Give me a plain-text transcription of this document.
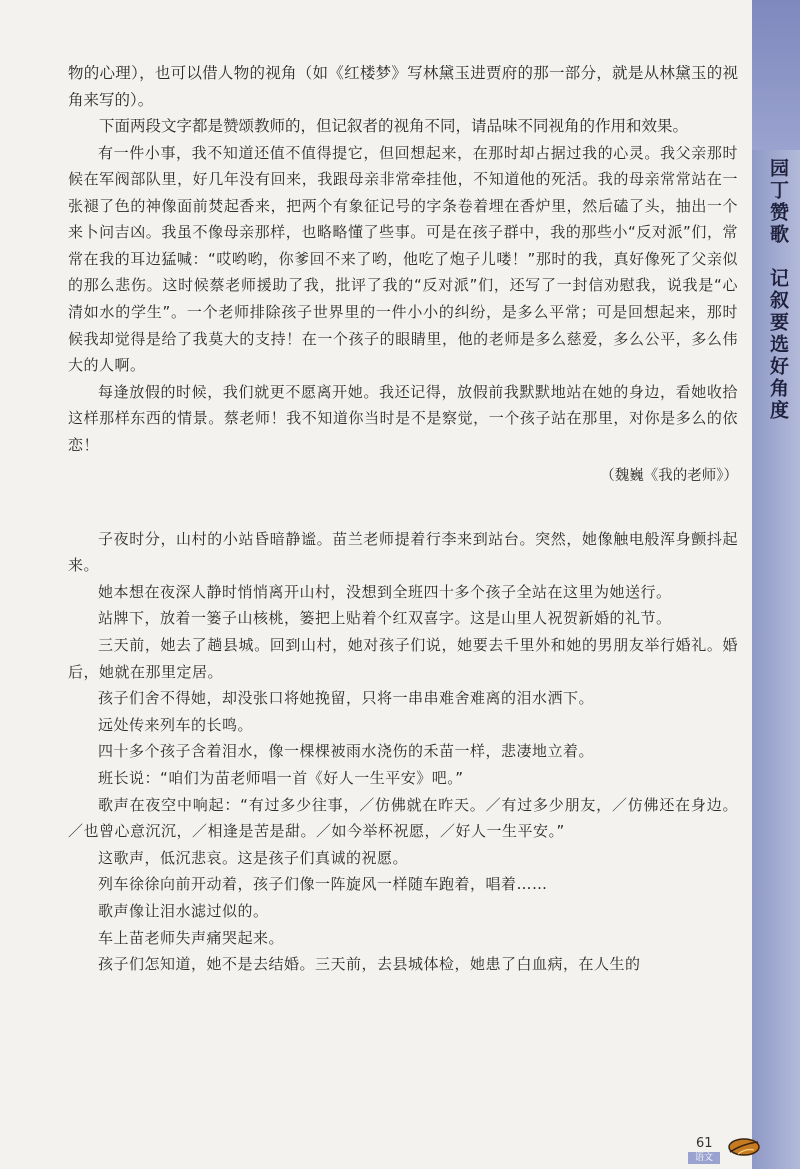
园丁赞歌
记叙要选好角度

物的心理），也可以借人物的视角（如《红楼梦》写林黛玉进贾府的那一部分，就是从林黛玉的视角来写的）。

下面两段文字都是赞颂教师的，但记叙者的视角不同，请品味不同视角的作用和效果。

有一件小事，我不知道还值不值得提它，但回想起来，在那时却占据过我的心灵。我父亲那时候在军阀部队里，好几年没有回来，我跟母亲非常牵挂他，不知道他的死活。我的母亲常常站在一张褪了色的神像面前焚起香来，把两个有象征记号的字条卷着埋在香炉里，然后磕了头，抽出一个来卜问吉凶。我虽不像母亲那样，也略略懂了些事。可是在孩子群中，我的那些小“反对派”们，常常在我的耳边猛喊：“哎哟哟，你爹回不来了哟，他吃了炮子儿喽！”那时的我，真好像死了父亲似的那么悲伤。这时候蔡老师援助了我，批评了我的“反对派”们，还写了一封信劝慰我，说我是“心清如水的学生”。一个老师排除孩子世界里的一件小小的纠纷，是多么平常；可是回想起来，那时候我却觉得是给了我莫大的支持！在一个孩子的眼睛里，他的老师是多么慈爱，多么公平，多么伟大的人啊。

每逢放假的时候，我们就更不愿离开她。我还记得，放假前我默默地站在她的身边，看她收拾这样那样东西的情景。蔡老师！我不知道你当时是不是察觉，一个孩子站在那里，对你是多么的依恋！

（魏巍《我的老师》）

子夜时分，山村的小站昏暗静谧。苗兰老师提着行李来到站台。突然，她像触电般浑身颤抖起来。

她本想在夜深人静时悄悄离开山村，没想到全班四十多个孩子全站在这里为她送行。

站牌下，放着一篓子山核桃，篓把上贴着个红双喜字。这是山里人祝贺新婚的礼节。

三天前，她去了趟县城。回到山村，她对孩子们说，她要去千里外和她的男朋友举行婚礼。婚后，她就在那里定居。

孩子们舍不得她，却没张口将她挽留，只将一串串难舍难离的泪水洒下。

远处传来列车的长鸣。

四十多个孩子含着泪水，像一棵棵被雨水浇伤的禾苗一样，悲凄地立着。

班长说：“咱们为苗老师唱一首《好人一生平安》吧。”

歌声在夜空中响起：“有过多少往事，／仿佛就在昨天。／有过多少朋友，／仿佛还在身边。／也曾心意沉沉，／相逢是苦是甜。／如今举杯祝愿，／好人一生平安。”

这歌声，低沉悲哀。这是孩子们真诚的祝愿。

列车徐徐向前开动着，孩子们像一阵旋风一样随车跑着，唱着……

歌声像让泪水滤过似的。

车上苗老师失声痛哭起来。

孩子们怎知道，她不是去结婚。三天前，去县城体检，她患了白血病，在人生的

61
语文
